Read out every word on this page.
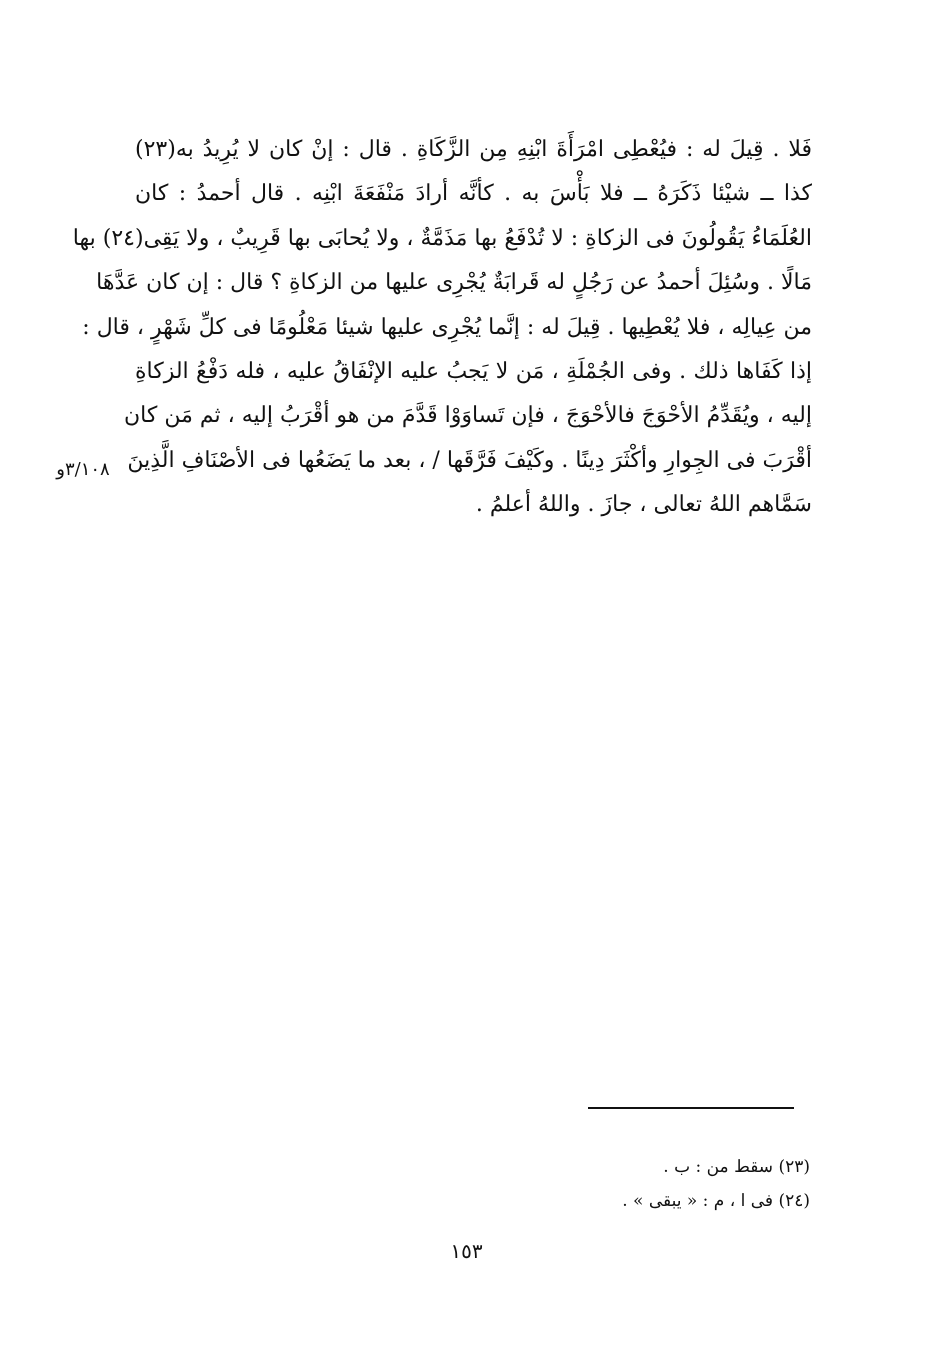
فَلا . قِيلَ له : فيُعْطِى امْرَأَةَ ابْنِهِ مِن الزَّكَاةِ . قال : إنْ كان لا يُرِيدُ به(٢٣)
كذا ــ شيْئا ذَكَرَهُ ــ فلا بَأْسَ به . كأنَّه أرادَ مَنْفَعَةَ ابْنِه . قال أحمدُ : كان
العُلَمَاءُ يَقُولُونَ فى الزكاةِ : لا تُدْفَعُ بها مَذَمَّةٌ ، ولا يُحابَى بها قَرِيبٌ ، ولا يَقِى(٢٤) بها
مَالًا . وسُئِلَ أحمدُ عن رَجُلٍ له قَرابَةٌ يُجْرِى عليها من الزكاةِ ؟ قال : إن كان عَدَّهَا
من عِيالِه ، فلا يُعْطِيها . قِيلَ له : إنَّما يُجْرِى عليها شيئا مَعْلُومًا فى كلِّ شَهْرٍ ، قال :
إذا كَفَاها ذلك . وفى الجُمْلَةِ ، مَن لا يَجبُ عليه الإنْفَاقُ عليه ، فله دَفْعُ الزكاةِ
إليه ، ويُقَدِّمُ الأحْوَجَ فالأحْوَجَ ، فإن تَساوَوْا قَدَّمَ من هو أقْرَبُ إليه ، ثم مَن كان
أقْرَبَ فى الجِوارِ وأكْثَرَ دِينًا . وكَيْفَ فَرَّقَها / ، بعد ما يَضَعُها فى الأصْنَافِ الَّذِينَ
سَمَّاهم اللهُ تعالى ، جازَ . واللهُ أعلمُ .
٣/١٠٨و
(٢٣) سقط من : ب .
(٢٤) فى ا ، م : « يبقى » .
١٥٣
